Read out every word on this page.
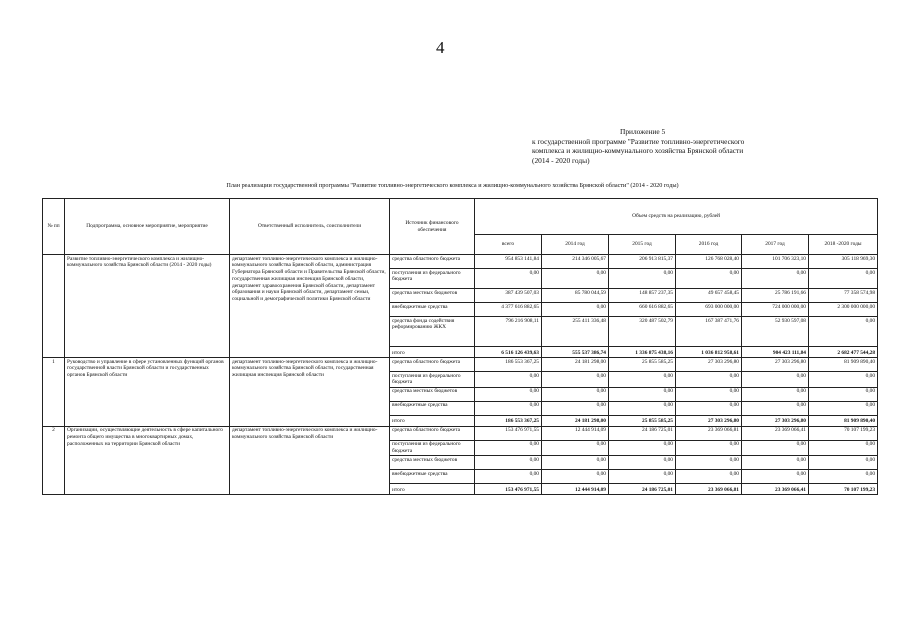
4
Приложение 5
к государственной программе "Развитие топливно-энергетического
комплекса и жилищно-коммунального хозяйства Брянской области
(2014 - 2020 годы)
План реализации государственной программы "Развитие топливно-энергетического комплекса и жилищно-коммунального хозяйства Брянской области" (2014 - 2020 годы)
№ пп	Подпрограмма, основное мероприятие, мероприятие	Ответственный исполнитель, соисполнители	Источник финансового обеспечения	Объем средств на реализацию, рублей					
				всего	2014 год	2015 год	2016 год	2017 год	2018 -2020 годы
	Развитие топливно-энергетического комплекса и жилищно-коммунального хозяйства Брянской области (2014 - 2020 годы)	департамент топливно-энергетического комплекса и жилищно-коммунального хозяйства Брянской области, администрация Губернатора Брянской области и Правительства Брянской области, государственная жилищная инспекция Брянской области, департамент здравоохранения Брянской области, департамент образования и науки Брянской области, департамент семьи, социальной и демографической политики Брянской области	средства областного бюджета	954 853 141,84	214 346 005,67	206 913 815,37	126 768 028,40	101 706 323,10	305 118 969,30
			поступления из федерального бюджета	0,00	0,00	0,00	0,00	0,00	0,00
			средства местных бюджетов	387 439 507,03	85 780 044,59	148 857 237,35	49 657 458,45	25 786 191,66	77 358 574,98
			внебюджетные средства	4 377 616 882,65	0,00	660 616 882,65	693 000 000,00	724 000 000,00	2 300 000 000,00
			средства фонда содействия реформированию ЖКХ	796 216 908,11	255 411 336,48	320 487 502,79	167 387 471,76	52 930 597,08	0,00
			итого	6 516 126 439,63	555 537 386,74	1 336 875 438,16	1 036 812 958,61	904 423 111,84	2 682 477 544,28
1	Руководство и управление в сфере установленных функций органов государственной власти Брянской области и государственных органов Брянской области	департамент топливно-энергетического комплекса и жилищно-коммунального хозяйства Брянской области, государственная жилищная инспекция Брянской области	средства областного бюджета	186 553 367,25	24 181 298,00	25 855 585,25	27 303 296,80	27 303 296,80	81 909 890,40
			поступления из федерального бюджета	0,00	0,00	0,00	0,00	0,00	0,00
			средства местных бюджетов	0,00	0,00	0,00	0,00	0,00	0,00
			внебюджетные средства	0,00	0,00	0,00	0,00	0,00	0,00
			итого	186 553 367,25	24 181 298,00	25 855 585,25	27 303 296,80	27 303 296,80	81 909 890,40
2	Организации, осуществляющие деятельность в сфере капитального ремонта общего имущества в многоквартирных домах, расположенных на территории Брянской области	департамент топливно-энергетического комплекса и жилищно-коммунального хозяйства Брянской области	средства областного бюджета	153 476 971,55	12 444 914,09	24 186 725,01	23 369 066,81	23 369 066,41	70 107 199,23
			поступления из федерального бюджета	0,00	0,00	0,00	0,00	0,00	0,00
			средства местных бюджетов	0,00	0,00	0,00	0,00	0,00	0,00
			внебюджетные средства	0,00	0,00	0,00	0,00	0,00	0,00
			итого	153 476 971,55	12 444 914,09	24 186 725,01	23 369 066,81	23 369 066,41	70 107 199,23
